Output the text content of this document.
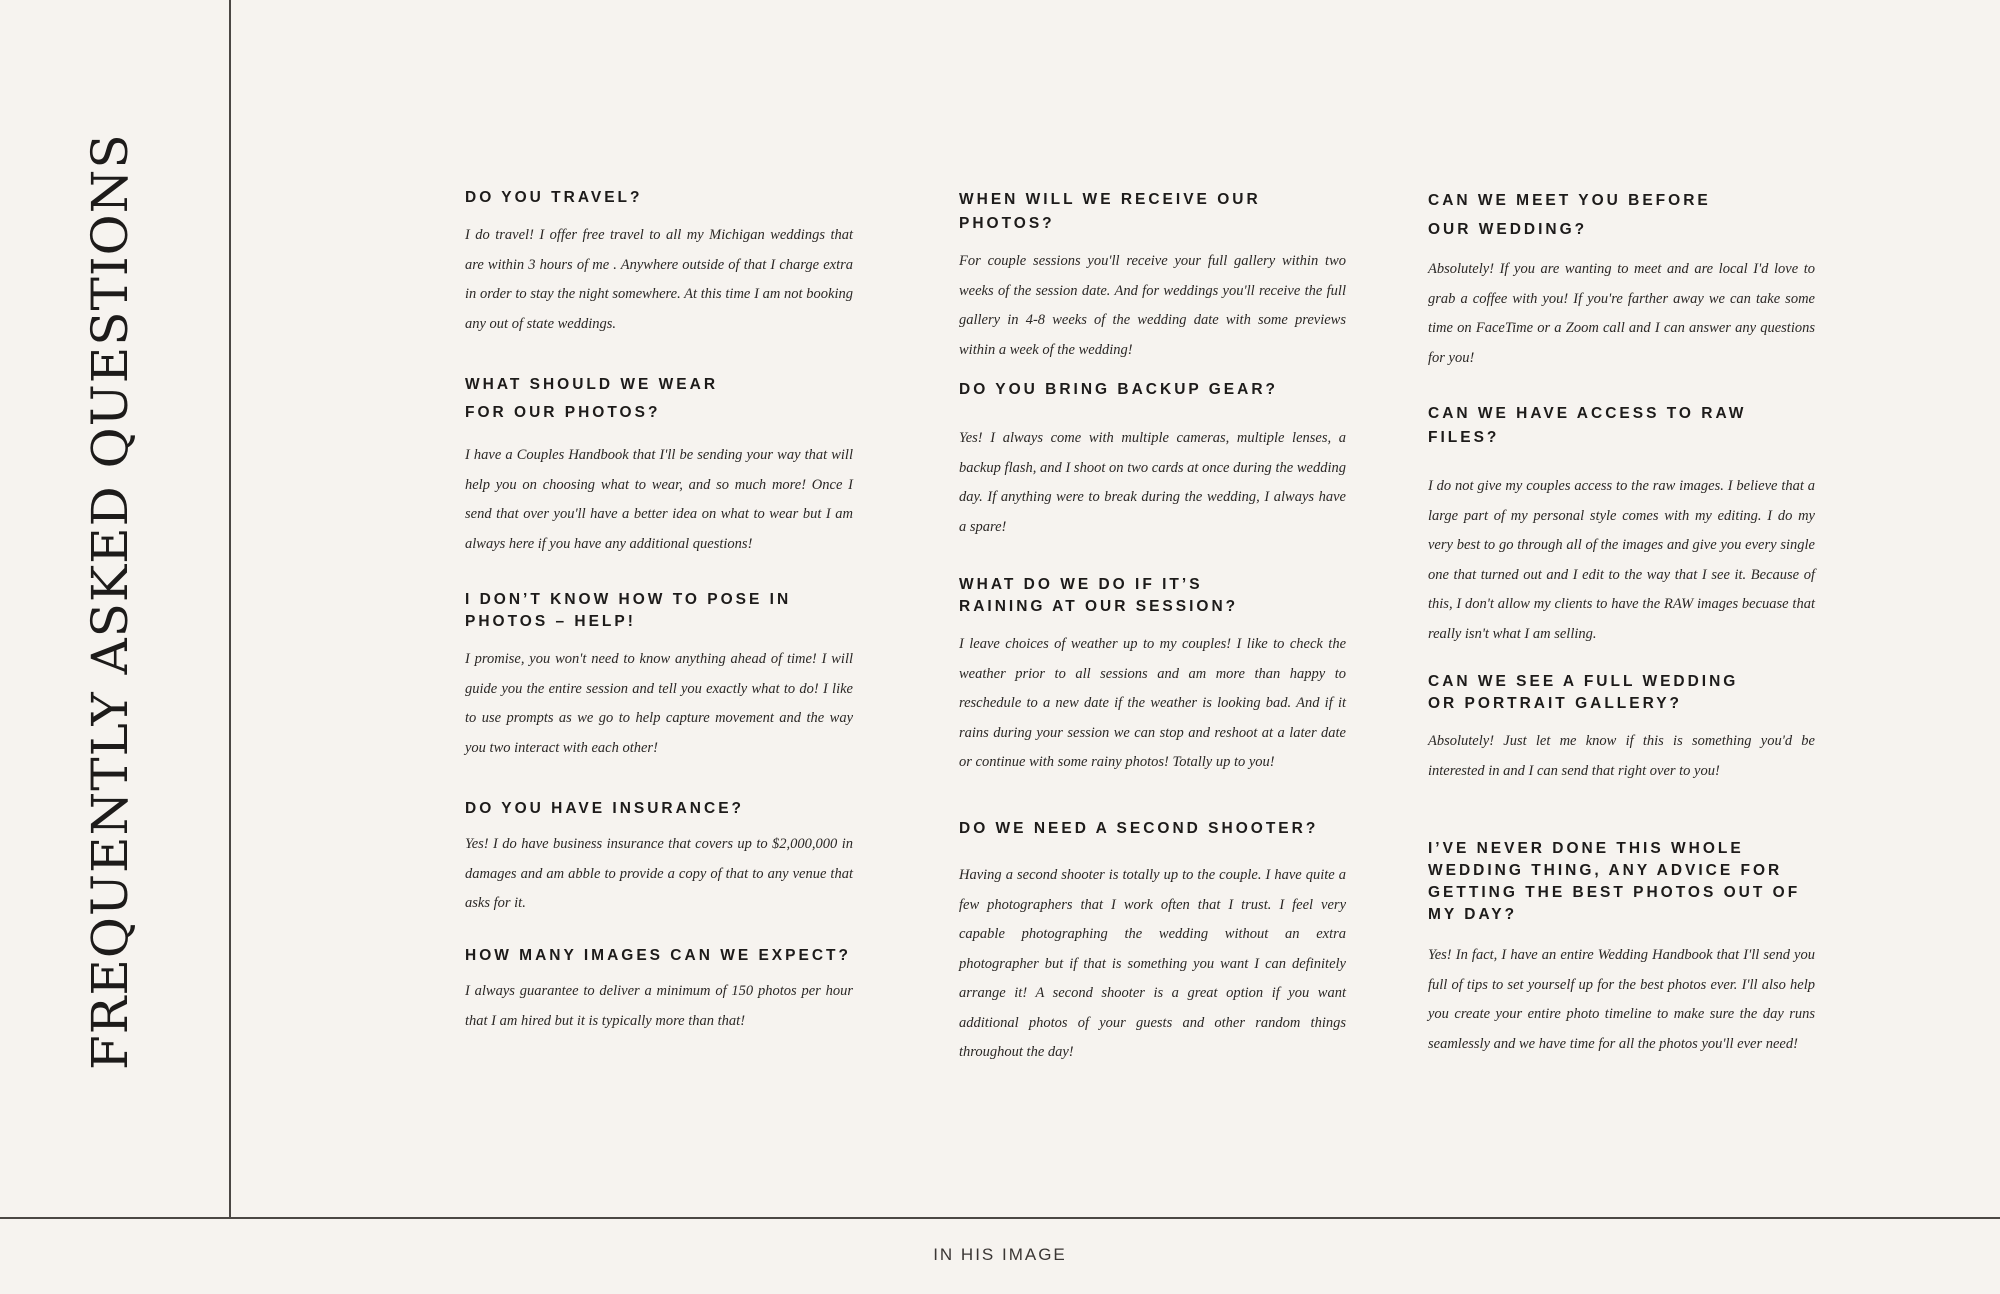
FREQUENTLY ASKED QUESTIONS	DO YOU TRAVEL?
I do travel! I offer free travel to all my Michigan weddings that are within 3 hours of me . Anywhere outside of that I charge extra in order to stay the night somewhere. At this time I am not booking any out of state weddings.
WHAT SHOULD WE WEAR FOR OUR PHOTOS?
I have a Couples Handbook that I'll be sending your way that will help you on choosing what to wear, and so much more! Once I send that over you'll have a better idea on what to wear but I am always here if you have any additional questions!
I DON’T KNOW HOW TO POSE IN PHOTOS – HELP!
I promise, you won't need to know anything ahead of time! I will guide you the entire session and tell you exactly what to do! I like to use prompts as we go to help capture movement and the way you two interact with each other!
DO YOU HAVE INSURANCE?
Yes! I do have business insurance that covers up to $2,000,000 in damages and am abble to provide a copy of that to any venue that asks for it.
HOW MANY IMAGES CAN WE EXPECT?
I always guarantee to deliver a minimum of 150 photos per hour that I am hired but it is typically more than that!
WHEN WILL WE RECEIVE OUR PHOTOS?
For couple sessions you'll receive your full gallery within two weeks of the session date. And for weddings you'll receive the full gallery in 4-8 weeks of the wedding date with some previews within a week of the wedding!
DO YOU BRING BACKUP GEAR?
Yes! I always come with multiple cameras, multiple lenses, a backup flash, and I shoot on two cards at once during the wedding day. If anything were to break during the wedding, I always have a spare!
WHAT DO WE DO IF IT’S RAINING AT OUR SESSION?
I leave choices of weather up to my couples! I like to check the weather prior to all sessions and am more than happy to reschedule to a new date if the weather is looking bad. And if it rains during your session we can stop and reshoot at a later date or continue with some rainy photos! Totally up to you!
DO WE NEED A SECOND SHOOTER?
Having a second shooter is totally up to the couple. I have quite a few photographers that I work often that I trust. I feel very capable photographing the wedding without an extra photographer but if that is something you want I can definitely arrange it! A second shooter is a great option if you want additional photos of your guests and other random things throughout the day!
CAN WE MEET YOU BEFORE OUR WEDDING?
Absolutely! If you are wanting to meet and are local I'd love to grab a coffee with you! If you're farther away we can take some time on FaceTime or a Zoom call and I can answer any questions for you!
CAN WE HAVE ACCESS TO RAW FILES?
I do not give my couples access to the raw images. I believe that a large part of my personal style comes with my editing. I do my very best to go through all of the images and give you every single one that turned out and I edit to the way that I see it. Because of this, I don't allow my clients to have the RAW images becuase that really isn't what I am selling.
CAN WE SEE A FULL WEDDING OR PORTRAIT GALLERY?
Absolutely! Just let me know if this is something you'd be interested in and I can send that right over to you!
I’VE NEVER DONE THIS WHOLE WEDDING THING, ANY ADVICE FOR GETTING THE BEST PHOTOS OUT OF MY DAY?
Yes! In fact, I have an entire Wedding Handbook that I'll send you full of tips to set yourself up for the best photos ever. I'll also help you create your entire photo timeline to make sure the day runs seamlessly and we have time for all the photos you'll ever need!
IN HIS IMAGE
